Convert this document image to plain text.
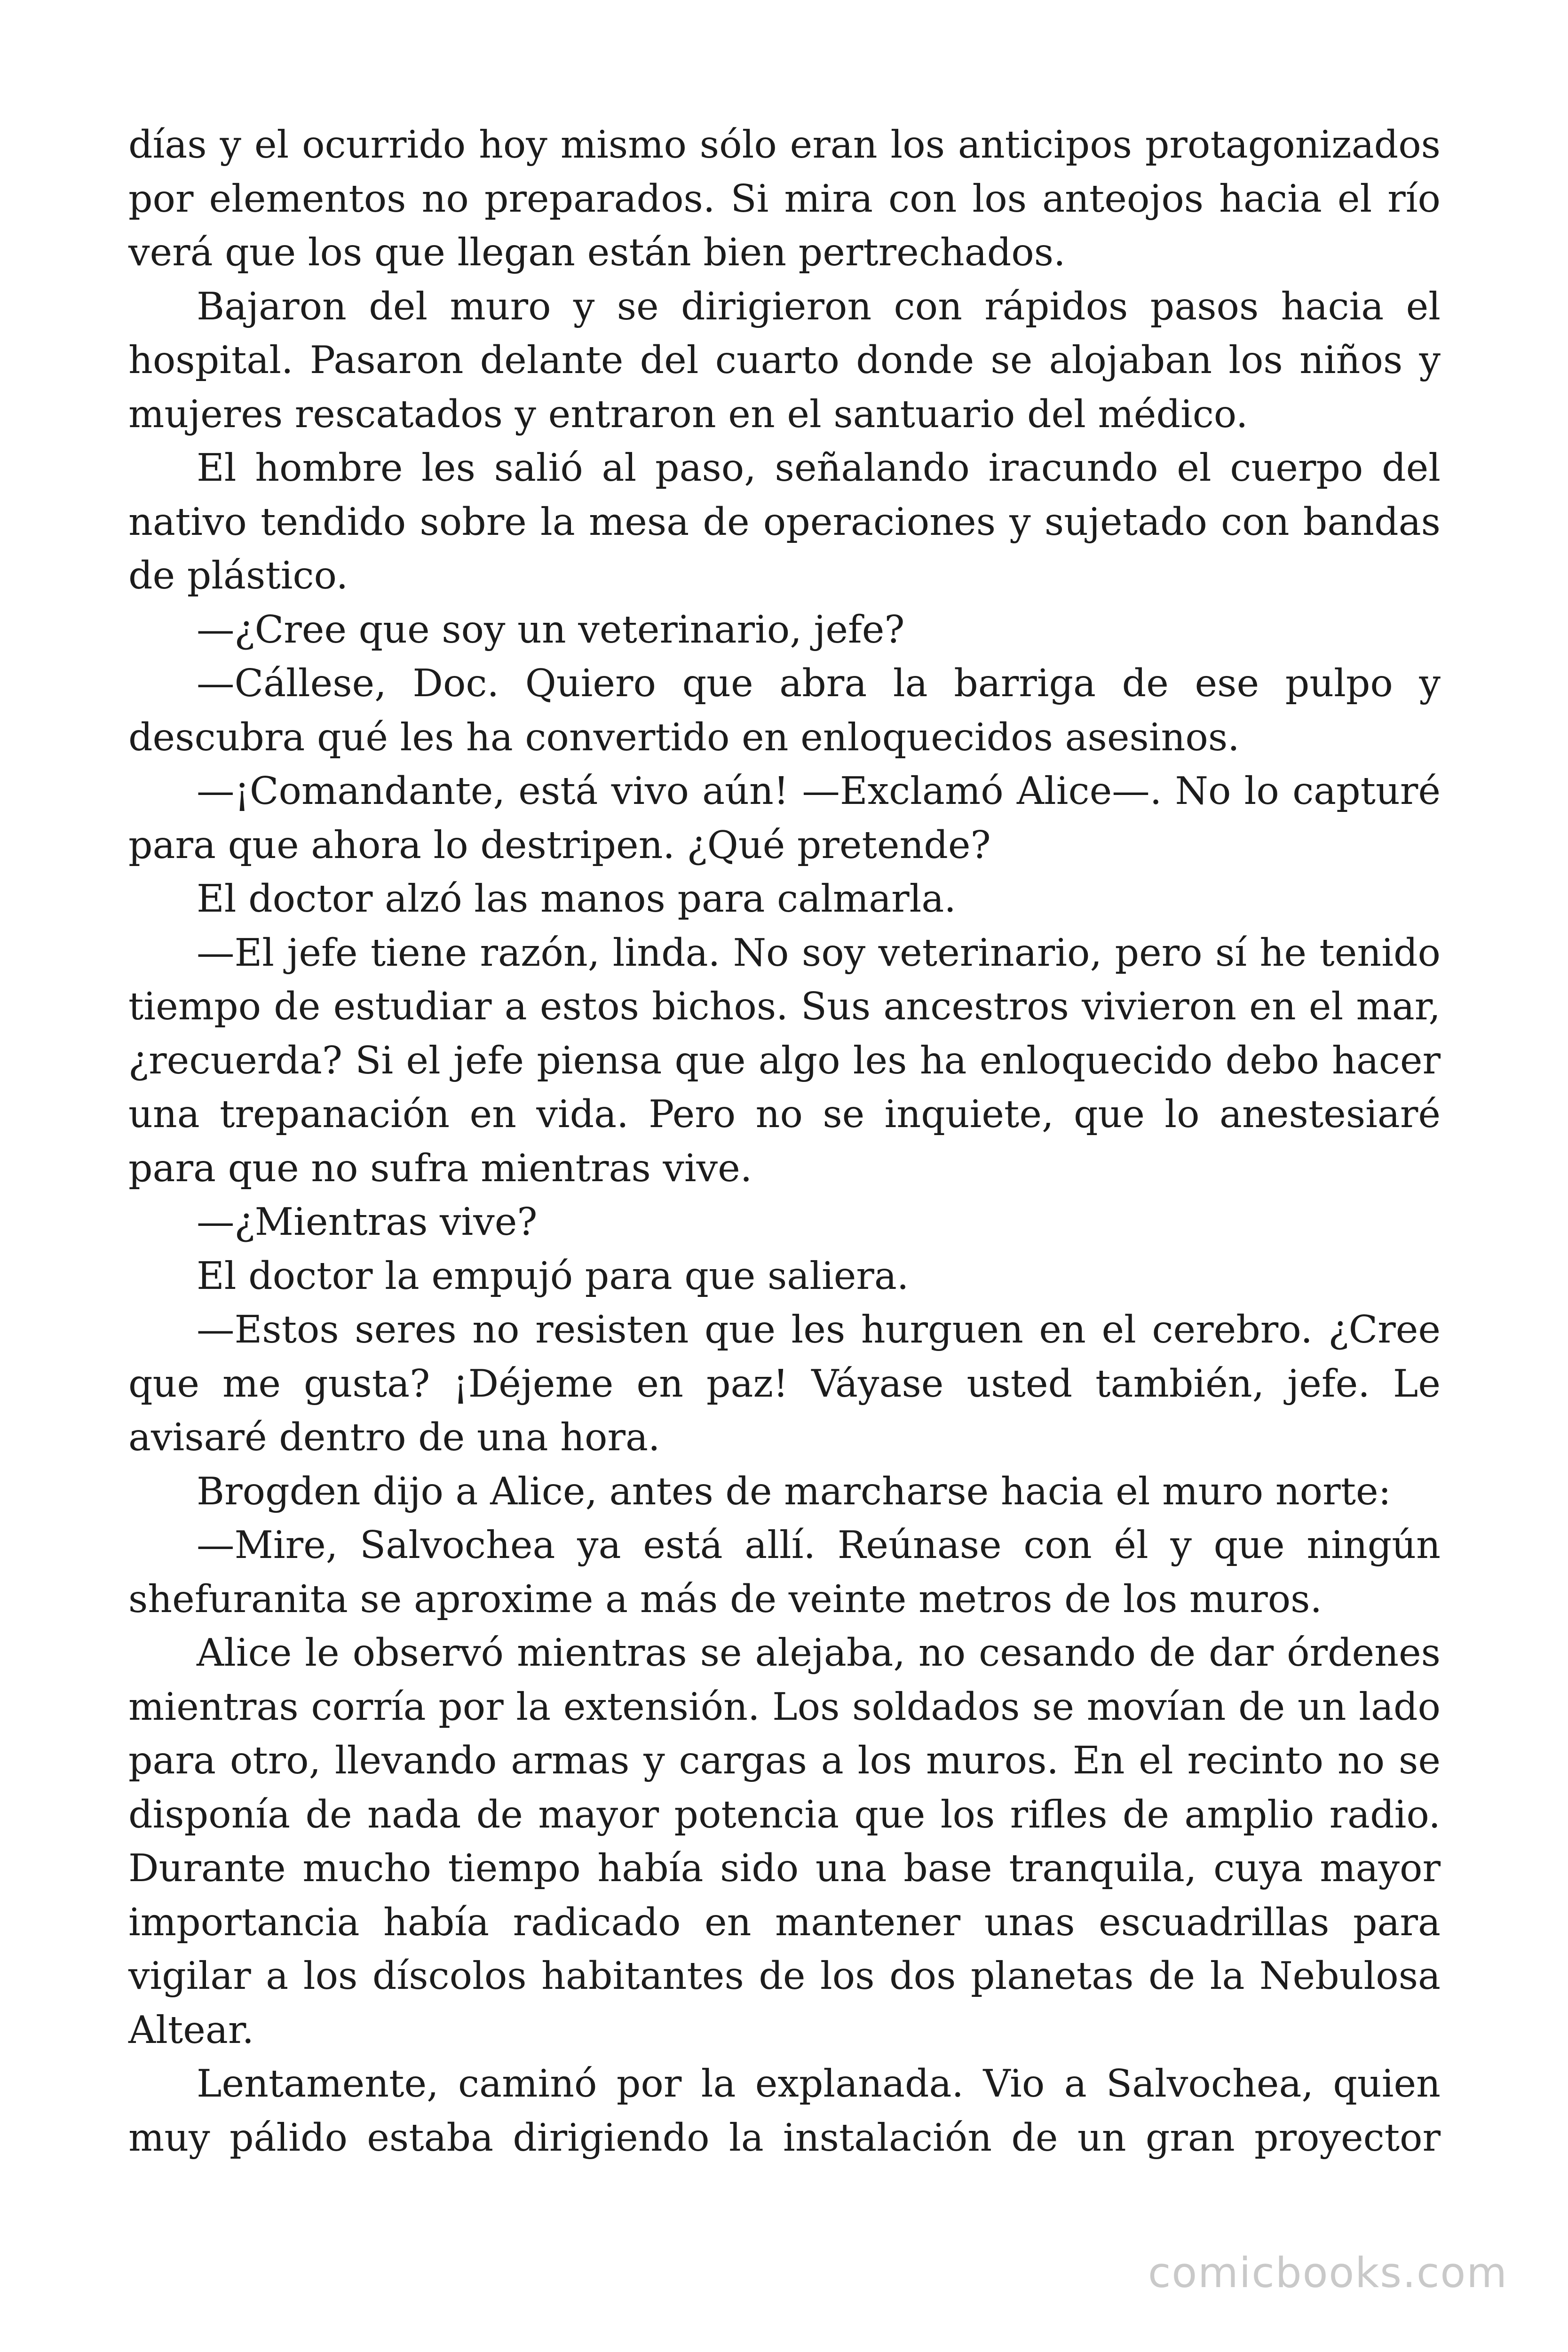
días y el ocurrido hoy mismo sólo eran los anticipos protagonizados por elementos no preparados. Si mira con los anteojos hacia el río verá que los que llegan están bien pertrechados.

Bajaron del muro y se dirigieron con rápidos pasos hacia el hospital. Pasaron delante del cuarto donde se alojaban los niños y mujeres rescatados y entraron en el santuario del médico.

El hombre les salió al paso, señalando iracundo el cuerpo del nativo tendido sobre la mesa de operaciones y sujetado con bandas de plástico.

—¿Cree que soy un veterinario, jefe?

—Cállese, Doc. Quiero que abra la barriga de ese pulpo y descubra qué les ha convertido en enloquecidos asesinos.

—¡Comandante, está vivo aún! —Exclamó Alice—. No lo capturé para que ahora lo destripen. ¿Qué pretende?

El doctor alzó las manos para calmarla.

—El jefe tiene razón, linda. No soy veterinario, pero sí he tenido tiempo de estudiar a estos bichos. Sus ancestros vivieron en el mar, ¿recuerda? Si el jefe piensa que algo les ha enloquecido debo hacer una trepanación en vida. Pero no se inquiete, que lo anestesiaré para que no sufra mientras vive.

—¿Mientras vive?

El doctor la empujó para que saliera.

—Estos seres no resisten que les hurguen en el cerebro. ¿Cree que me gusta? ¡Déjeme en paz! Váyase usted también, jefe. Le avisaré dentro de una hora.

Brogden dijo a Alice, antes de marcharse hacia el muro norte:

—Mire, Salvochea ya está allí. Reúnase con él y que ningún shefuranita se aproxime a más de veinte metros de los muros.

Alice le observó mientras se alejaba, no cesando de dar órdenes mientras corría por la extensión. Los soldados se movían de un lado para otro, llevando armas y cargas a los muros. En el recinto no se disponía de nada de mayor potencia que los rifles de amplio radio. Durante mucho tiempo había sido una base tranquila, cuya mayor importancia había radicado en mantener unas escuadrillas para vigilar a los díscolos habitantes de los dos planetas de la Nebulosa Altear.

Lentamente, caminó por la explanada. Vio a Salvochea, quien muy pálido estaba dirigiendo la instalación de un gran proyector

comicbooks.com
